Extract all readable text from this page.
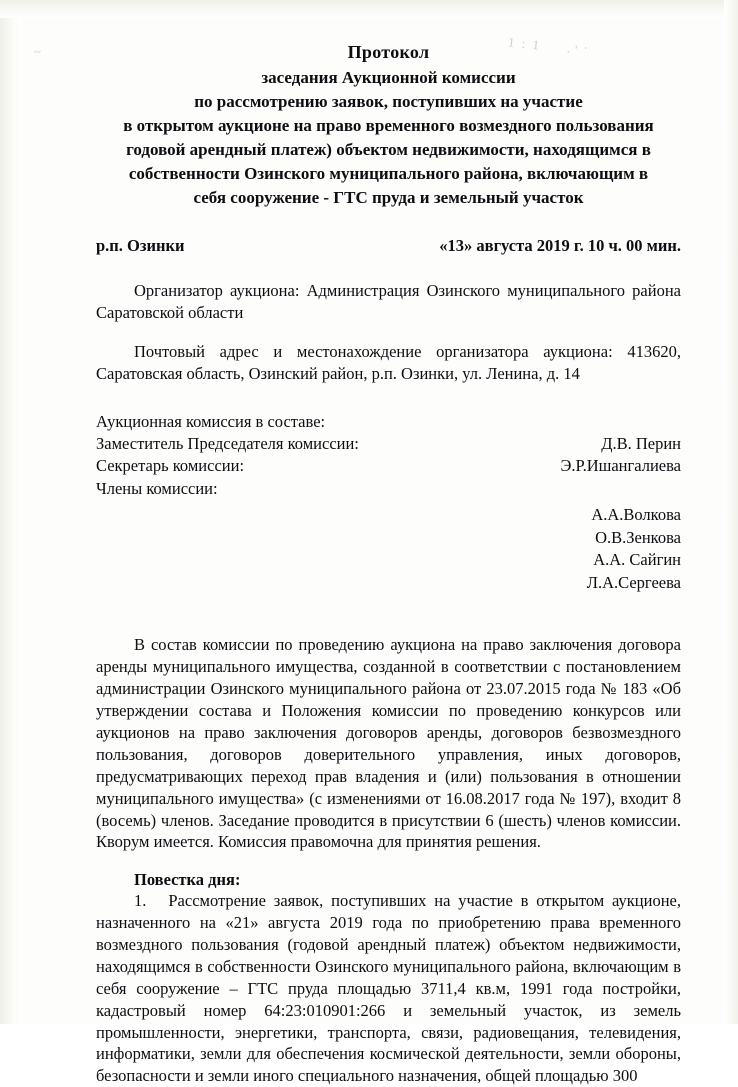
~	1 : 1 · ′ ·
Протокол
заседания Аукционной комиссии
по рассмотрению заявок, поступивших на участие
в открытом аукционе на право временного возмездного пользования
годовой арендный платеж) объектом недвижимости, находящимся в
собственности Озинского муниципального района, включающим в
себя сооружение - ГТС пруда и земельный участок
р.п. Озинки	«13» августа 2019 г. 10 ч. 00 мин.

Организатор аукциона: Администрация Озинского муниципального района Саратовской области

Почтовый адрес и местонахождение организатора аукциона: 413620, Саратовская область, Озинский район, р.п. Озинки, ул. Ленина, д. 14

Аукционная комиссия в составе:
Заместитель Председателя комиссии:	Д.В. Перин
Секретарь комиссии:	Э.Р.Ишангалиева
Члены комиссии:
А.А.Волкова
О.В.Зенкова
А.А. Сайгин
Л.А.Сергеева

В состав комиссии по проведению аукциона на право заключения договора аренды муниципального имущества, созданной в соответствии с постановлением администрации Озинского муниципального района от 23.07.2015 года № 183 «Об утверждении состава и Положения комиссии по проведению конкурсов или аукционов на право заключения договоров аренды, договоров безвозмездного пользования, договоров доверительного управления, иных договоров, предусматривающих переход прав владения и (или) пользования в отношении муниципального имущества» (с изменениями от 16.08.2017 года № 197), входит 8 (восемь) членов. Заседание проводится в присутствии 6 (шесть) членов комиссии. Кворум имеется. Комиссия правомочна для принятия решения.

Повестка дня:
1. Рассмотрение заявок, поступивших на участие в открытом аукционе, назначенного на «21» августа 2019 года по приобретению права временного возмездного пользования (годовой арендный платеж) объектом недвижимости, находящимся в собственности Озинского муниципального района, включающим в себя сооружение – ГТС пруда площадью 3711,4 кв.м, 1991 года постройки, кадастровый номер 64:23:010901:266 и земельный участок, из земель промышленности, энергетики, транспорта, связи, радиовещания, телевидения, информатики, земли для обеспечения космической деятельности, земли обороны, безопасности и земли иного специального назначения, общей площадью 300
